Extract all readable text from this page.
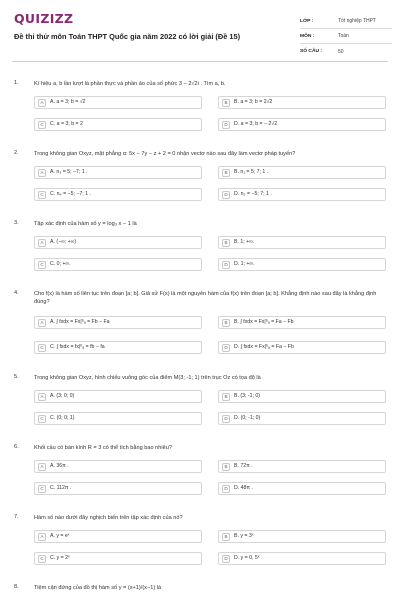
QUIZIZZ
Đề thi thử môn Toán THPT Quốc gia năm 2022 có lời giải (Đề 15)
LỚP :	Tốt nghiệp THPT
MÔN :	Toán
SỐ CÂU :	50
1.	Kí hiệu a, b lần lượt là phần thực và phần ảo của số phức 3 − 2√2i . Tìm a, b.
A	A. a = 3; b = √2	B	B. a = 3; b = 2√2
C	C. a = 3; b = 2	D	D. a = 3; b = − 2√2
2.	Trong không gian Oxyz, mặt phẳng α: 5x − 7y − z + 2 = 0 nhận vectơ nào sau đây làm vectơ pháp tuyến?
A	A. n₃ = 5; −7; 1 .	B	B. n₁ = 5; 7; 1 .
C	C. n₄ = −5; −7; 1 .	D	D. n₂ = −5; 7; 1 .
3.	Tập xác định của hàm số y = log₃ x − 1 là
A	A. (−∞; +∞)	B	B. 1; +∞.
C	C. 0; +∞.	D	D. 1; +∞.
4.	Cho f(x) là hàm số liên tục trên đoạn [a; b]. Giả sử F(x) là một nguyên hàm của f(x) trên đoạn [a; b]. Khẳng định nào sau đây là khẳng định đúng?
A	A. ∫ fxdx = Fx|ᵇₐ = Fb − Fa	B	B. ∫ fxdx = Fx|ᵇₐ = Fa − Fb
C	C. ∫ fxdx = fx|ᵇₐ = fb − fa	D	D. ∫ fxdx = Fx|ᵇₐ = Fa − Fb
5.	Trong không gian Oxyz, hình chiếu vuông góc của điểm M(3; -1; 1) trên trục Oz có tọa độ là
A	A. (3; 0; 0)	B	B. (3; -1; 0)
C	C. (0; 0; 1)	D	D. (0; -1; 0)
6.	Khối cầu có bán kính R = 3 có thể tích bằng bao nhiêu?
A	A. 36π .	B	B. 72π .
C	C. 112π .	D	D. 48π .
7.	Hàm số nào dưới đây nghịch biến trên tập xác định của nó?
A	A. y = eˣ	B	B. y = 3ˣ
C	C. y = 2ˣ	D	D. y = 0, 5ˣ
8.	Tiệm cận đứng của đồ thị hàm số y = (x+1)/(x−1) là
